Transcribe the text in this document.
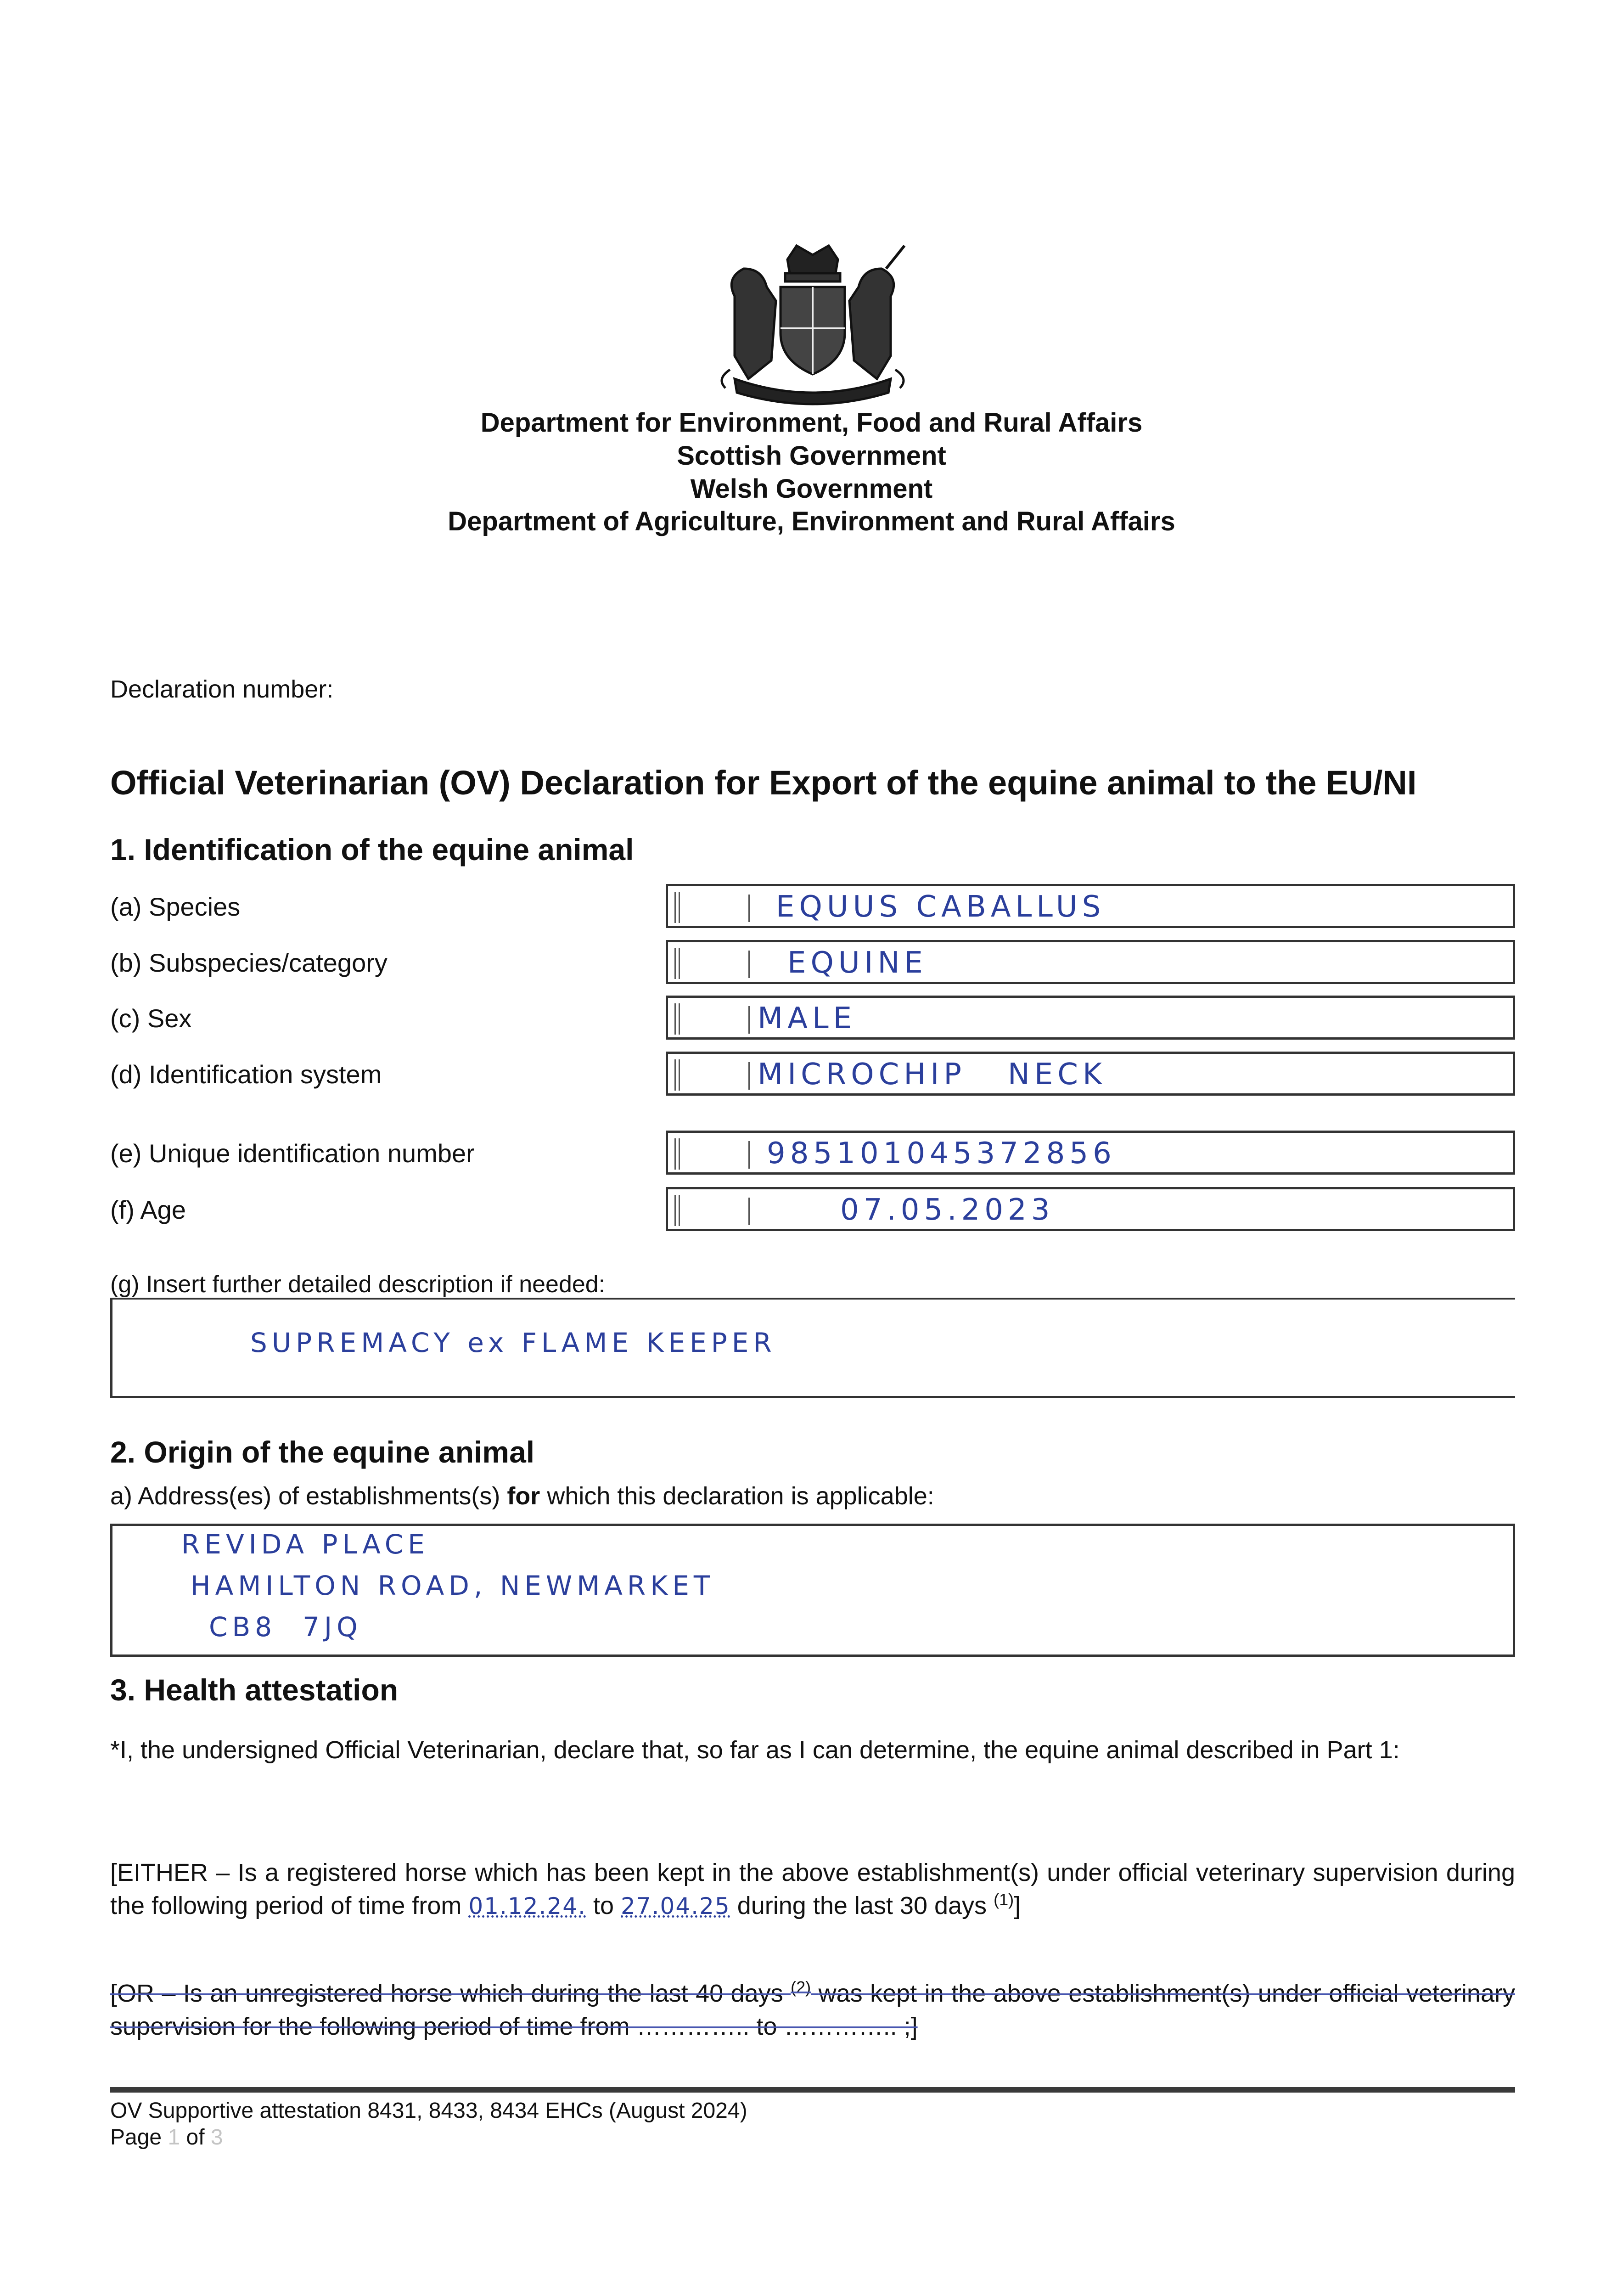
Department for Environment, Food and Rural Affairs
Scottish Government
Welsh Government
Department of Agriculture, Environment and Rural Affairs
Declaration number:
Official Veterinarian (OV) Declaration for Export of the equine animal to the EU/NI
1. Identification of the equine animal
(a) Species	EQUUS CABALLUS
(b) Subspecies/category	EQUINE
(c) Sex	MALE
(d) Identification system	MICROCHIP   NECK
(e) Unique identification number	985101045372856
(f) Age	07.05.2023
(g) Insert further detailed description if needed:
SUPREMACY ex FLAME KEEPER
2. Origin of the equine animal
a) Address(es) of establishments(s) for which this declaration is applicable:
REVIDA PLACE
HAMILTON ROAD, NEWMARKET
CB8  7JQ
3. Health attestation
*I, the undersigned Official Veterinarian, declare that, so far as I can determine, the equine animal described in Part 1:
[EITHER – Is a registered horse which has been kept in the above establishment(s) under official veterinary supervision during the following period of time from 01.12.24. to 27.04.25 during the last 30 days $^{(1)}$]
[OR – Is an unregistered horse which during the last 40 days $^{(2)}$ was kept in the above establishment(s) under official veterinary supervision for the following period of time from ………….. to ………….. ;]
OV Supportive attestation 8431, 8433, 8434 EHCs (August 2024)
Page 1 of 3
